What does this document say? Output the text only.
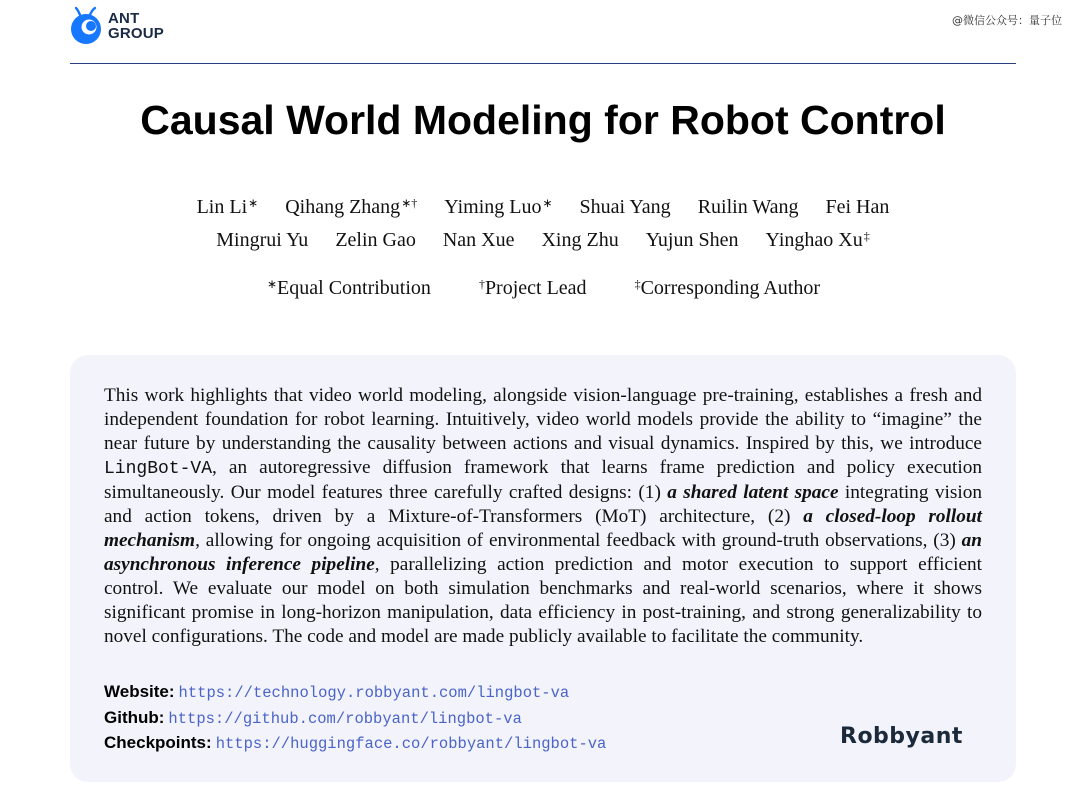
ANT
GROUP
@微信公众号：量子位
Causal World Modeling for Robot Control
Lin Li∗ Qihang Zhang∗† Yiming Luo∗ Shuai Yang Ruilin Wang Fei Han
Mingrui Yu Zelin Gao Nan Xue Xing Zhu Yujun Shen Yinghao Xu‡
∗Equal Contribution	†Project Lead	‡Corresponding Author

This work highlights that video world modeling, alongside vision-language pre-training, establishes a fresh and independent foundation for robot learning. Intuitively, video world models provide the ability to “imagine” the near future by understanding the causality between actions and visual dynamics. Inspired by this, we introduce LingBot-VA, an autoregressive diffusion framework that learns frame prediction and policy execution simultaneously. Our model features three carefully crafted designs: (1) a shared latent space integrating vision and action tokens, driven by a Mixture-of-Transformers (MoT) architecture, (2) a closed-loop rollout mechanism, allowing for ongoing acquisition of environmental feedback with ground-truth observations, (3) an asynchronous inference pipeline, parallelizing action prediction and motor execution to support efficient control. We evaluate our model on both simulation benchmarks and real-world scenarios, where it shows significant promise in long-horizon manipulation, data efficiency in post-training, and strong generalizability to novel configurations. The code and model are made publicly available to facilitate the community.

Website: https://technology.robbyant.com/lingbot-va
Github: https://github.com/robbyant/lingbot-va
Checkpoints: https://huggingface.co/robbyant/lingbot-va	Robbyant
